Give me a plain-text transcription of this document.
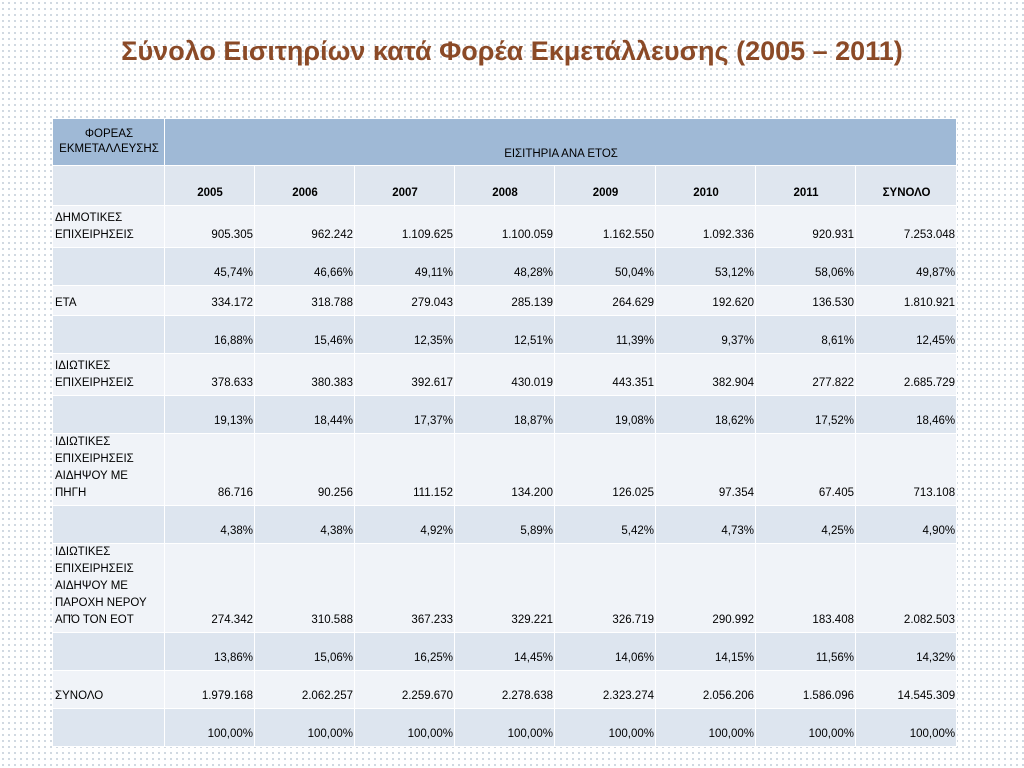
Σύνολο Εισιτηρίων κατά Φορέα Εκμετάλλευσης (2005 – 2011)
ΦΟΡΕΑΣ
ΕΚΜΕΤΑΛΛΕΥΣΗΣ	ΕΙΣΙΤΗΡΙΑ ΑΝΑ ΕΤΟΣ							
	2005	2006	2007	2008	2009	2010	2011	ΣΥΝΟΛΟ
ΔΗΜΟΤΙΚΕΣ
ΕΠΙΧΕΙΡΗΣΕΙΣ	905.305	962.242	1.109.625	1.100.059	1.162.550	1.092.336	920.931	7.253.048
	45,74%	46,66%	49,11%	48,28%	50,04%	53,12%	58,06%	49,87%
ΕΤΑ	334.172	318.788	279.043	285.139	264.629	192.620	136.530	1.810.921
	16,88%	15,46%	12,35%	12,51%	11,39%	9,37%	8,61%	12,45%
ΙΔΙΩΤΙΚΕΣ
ΕΠΙΧΕΙΡΗΣΕΙΣ	378.633	380.383	392.617	430.019	443.351	382.904	277.822	2.685.729
	19,13%	18,44%	17,37%	18,87%	19,08%	18,62%	17,52%	18,46%
ΙΔΙΩΤΙΚΕΣ
ΕΠΙΧΕΙΡΗΣΕΙΣ
ΑΙΔΗΨΟΥ ΜΕ
ΠΗΓΗ	86.716	90.256	111.152	134.200	126.025	97.354	67.405	713.108
	4,38%	4,38%	4,92%	5,89%	5,42%	4,73%	4,25%	4,90%
ΙΔΙΩΤΙΚΕΣ
ΕΠΙΧΕΙΡΗΣΕΙΣ
ΑΙΔΗΨΟΥ ΜΕ
ΠΑΡΟΧΗ ΝΕΡΟΥ
ΑΠΌ ΤΟΝ ΕΟΤ	274.342	310.588	367.233	329.221	326.719	290.992	183.408	2.082.503
	13,86%	15,06%	16,25%	14,45%	14,06%	14,15%	11,56%	14,32%
ΣΥΝΟΛΟ	1.979.168	2.062.257	2.259.670	2.278.638	2.323.274	2.056.206	1.586.096	14.545.309
	100,00%	100,00%	100,00%	100,00%	100,00%	100,00%	100,00%	100,00%
